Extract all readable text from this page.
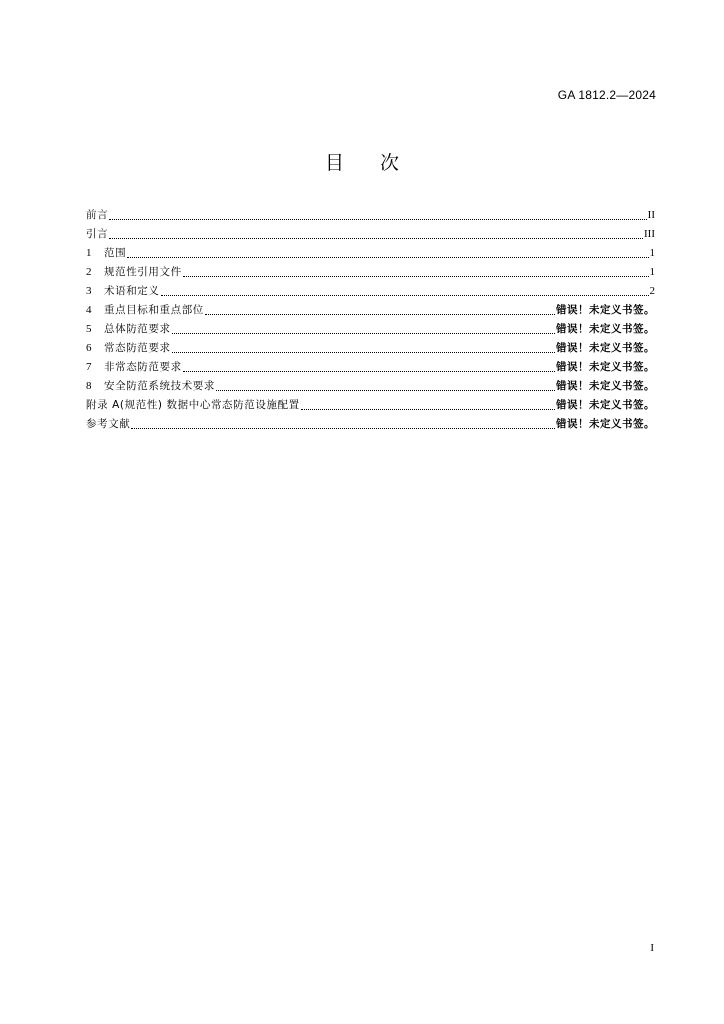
GA 1812.2—2024
目 次
前言	II
引言	III
1	范围	1
2	规范性引用文件	1
3	术语和定义	2
4	重点目标和重点部位	错误！未定义书签。
5	总体防范要求	错误！未定义书签。
6	常态防范要求	错误！未定义书签。
7	非常态防范要求	错误！未定义书签。
8	安全防范系统技术要求	错误！未定义书签。
附录 A(规范性) 数据中心常态防范设施配置	错误！未定义书签。
参考文献	错误！未定义书签。
I
